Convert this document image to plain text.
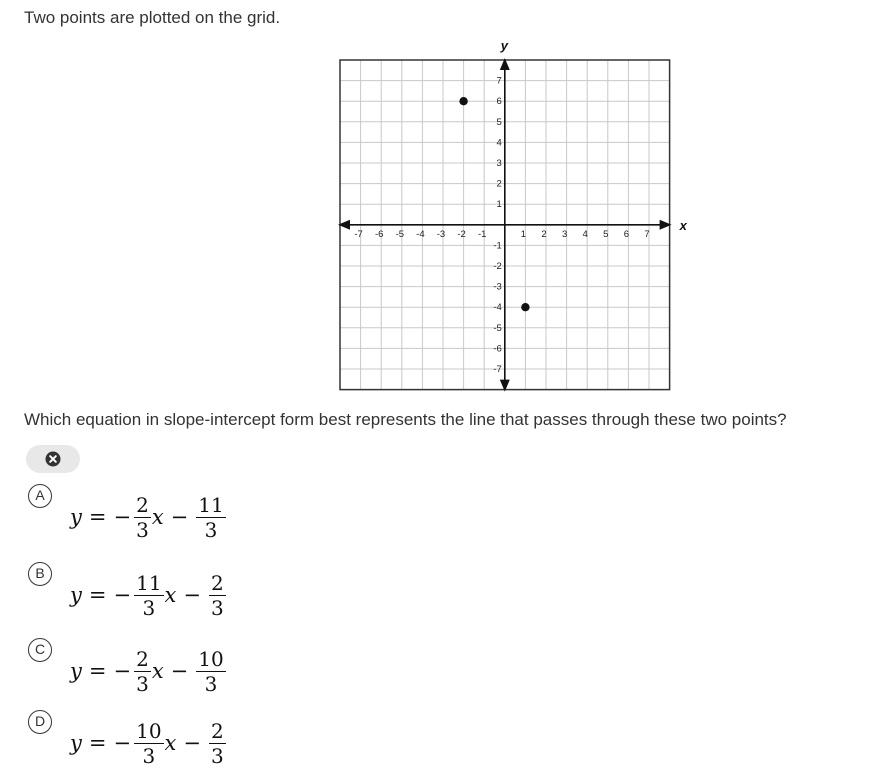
Two points are plotted on the grid.
x
y
-7 -6 -5 -4 -3 -2 -1	1 2 3 4 5 6 7
7
6
5
4
3
2
1
-1
-2
-3
-4
-5
-6
-7
Which equation in slope-intercept form best represents the line that passes through these two points?
A
y = − $\frac{2}{3}$ $x - \frac{11}{3}$
B
y = − $\frac{11}{3}$ $x - \frac{2}{3}$
C
y = − $\frac{2}{3}$ $x - \frac{10}{3}$
D
y = − $\frac{10}{3}$ $x - \frac{2}{3}$
